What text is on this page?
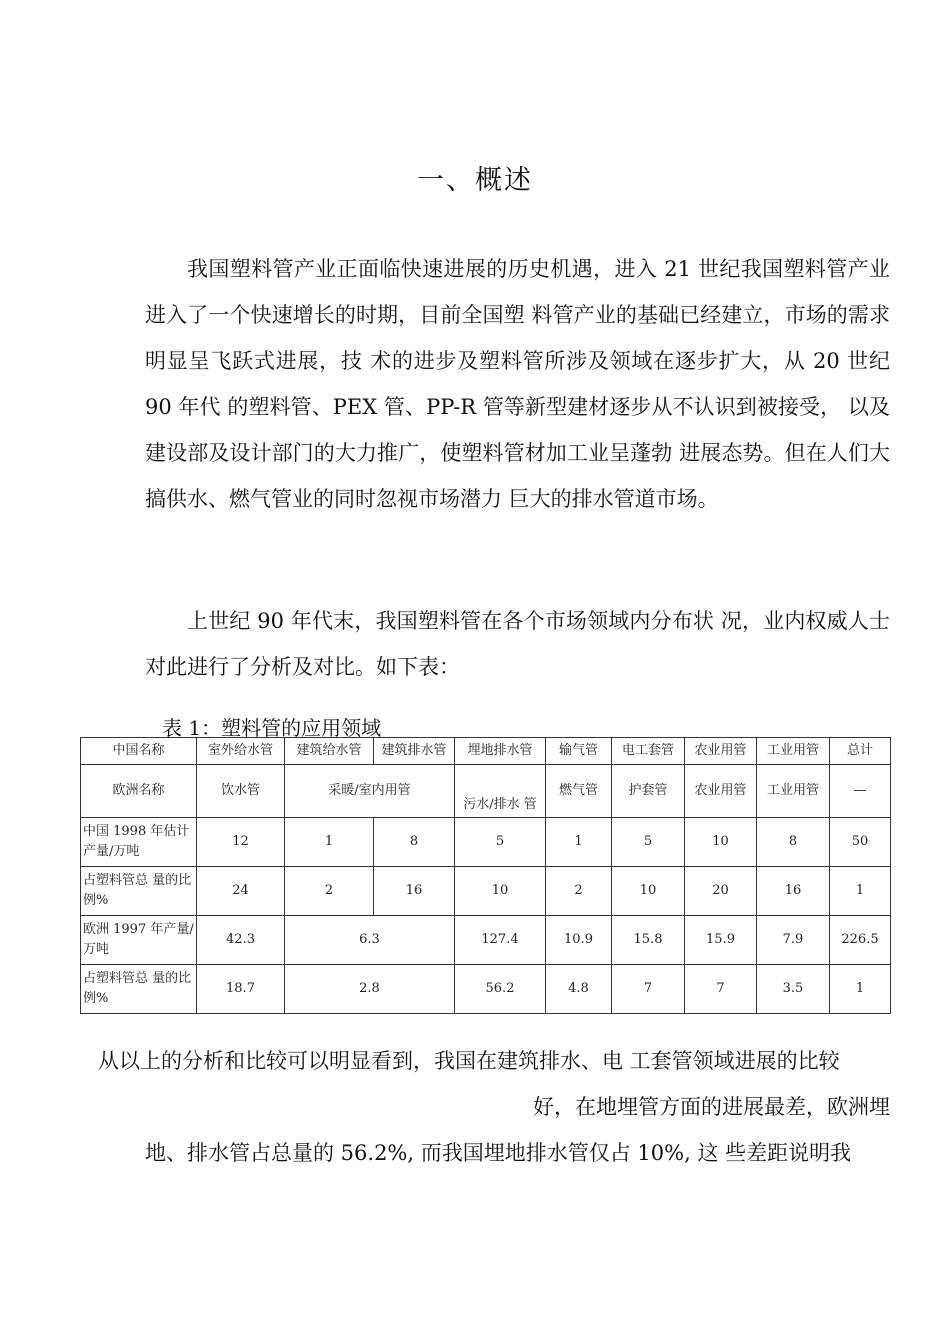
一、概述

我国塑料管产业正面临快速进展的历史机遇，进入 21 世纪我国塑料管产业进入了一个快速增长的时期，目前全国塑 料管产业的基础已经建立，市场的需求明显呈飞跃式进展，技 术的进步及塑料管所涉及领域在逐步扩大，从 20 世纪 90 年代 的塑料管、PEX 管、PP-R 管等新型建材逐步从不认识到被接受， 以及建设部及设计部门的大力推广，使塑料管材加工业呈蓬勃 进展态势。但在人们大搞供水、燃气管业的同时忽视市场潜力 巨大的排水管道市场。

上世纪 90 年代末，我国塑料管在各个市场领域内分布状 况，业内权威人士对此进行了分析及对比。如下表：

表 1：塑料管的应用领域
中国名称	室外给水管	建筑给水管	建筑排水管	埋地排水管	输气管	电工套管	农业用管	工业用管	总计
欧洲名称	饮水管	采暖/室内用管		污水/排水 管	燃气管	护套管	农业用管	工业用管	—
中国 1998 年估计产量/万吨	12	1	8	5	1	5	10	8	50
占塑料管总 量的比例%	24	2	16	10	2	10	20	16	1
欧洲 1997 年产量/万吨	42.3	6.3		127.4	10.9	15.8	15.9	7.9	226.5
占塑料管总 量的比例%	18.7	2.8		56.2	4.8	7	7	3.5	1
从以上的分析和比较可以明显看到，我国在建筑排水、电 工套管领域进展的比较
好，在地埋管方面的进展最差，欧洲埋
地、排水管占总量的 56.2%, 而我国埋地排水管仅占 10%, 这 些差距说明我
